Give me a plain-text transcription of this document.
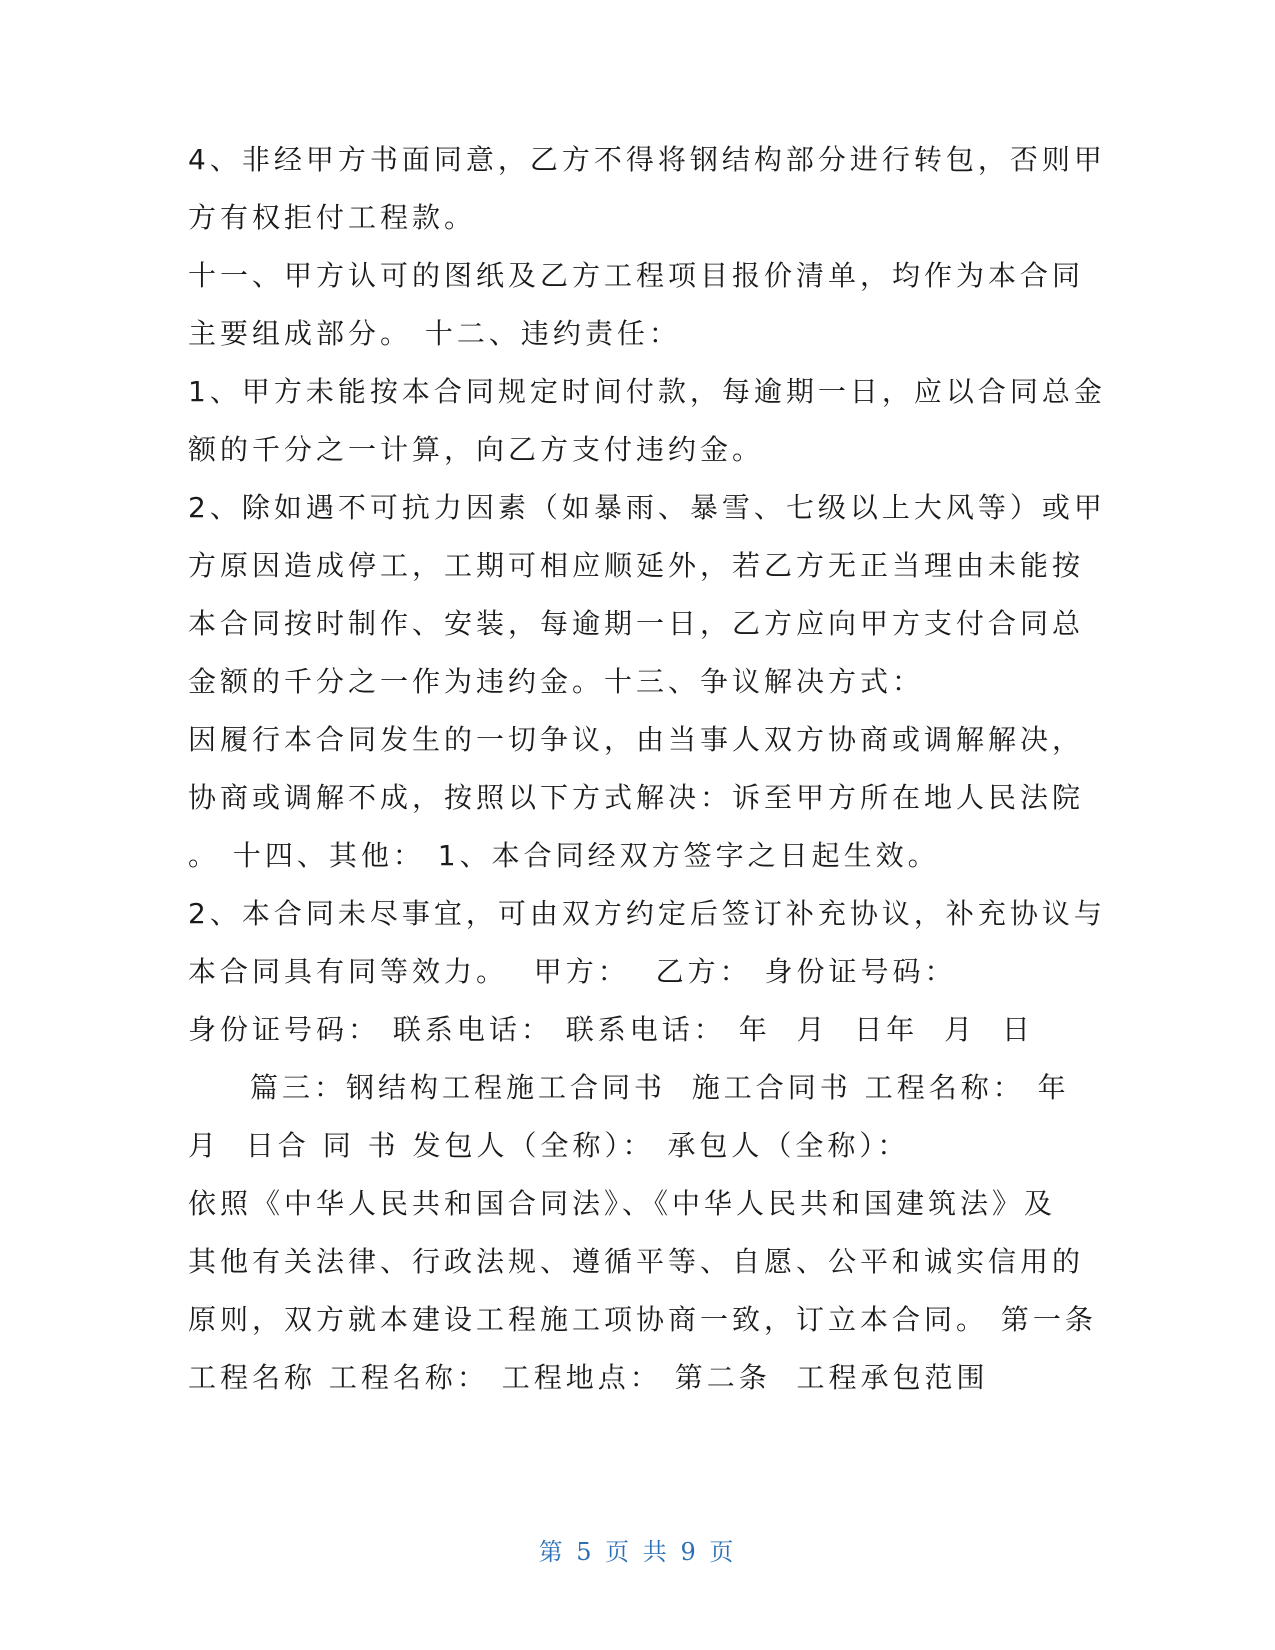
4、非经甲方书面同意，乙方不得将钢结构部分进行转包，否则甲
方有权拒付工程款。
十一、甲方认可的图纸及乙方工程项目报价清单，均作为本合同
主要组成部分。 十二、违约责任：
1、甲方未能按本合同规定时间付款，每逾期一日，应以合同总金
额的千分之一计算，向乙方支付违约金。
2、除如遇不可抗力因素（如暴雨、暴雪、七级以上大风等）或甲
方原因造成停工，工期可相应顺延外，若乙方无正当理由未能按
本合同按时制作、安装，每逾期一日，乙方应向甲方支付合同总
金额的千分之一作为违约金。十三、争议解决方式：
因履行本合同发生的一切争议，由当事人双方协商或调解解决，
协商或调解不成，按照以下方式解决：诉至甲方所在地人民法院
。 十四、其他： 1、本合同经双方签字之日起生效。
2、本合同未尽事宜，可由双方约定后签订补充协议，补充协议与
本合同具有同等效力。  甲方：  乙方： 身份证号码：
身份证号码： 联系电话： 联系电话： 年  月  日年  月  日
篇三：钢结构工程施工合同书  施工合同书 工程名称： 年
月  日合 同 书 发包人（全称）： 承包人（全称）：
依照《中华人民共和国合同法》、《中华人民共和国建筑法》及
其他有关法律、行政法规、遵循平等、自愿、公平和诚实信用的
原则，双方就本建设工程施工项协商一致，订立本合同。 第一条
工程名称 工程名称： 工程地点： 第二条  工程承包范围
第 5 页 共 9 页
